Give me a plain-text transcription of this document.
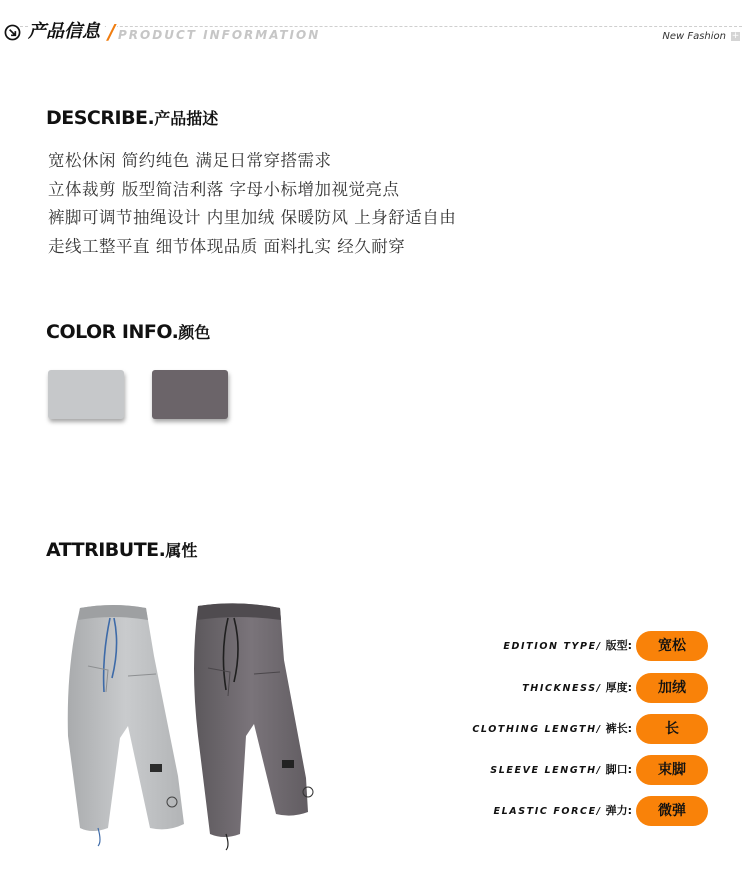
产品信息 / PRODUCT INFORMATION	New Fashion +
DESCRIBE.产品描述
宽松休闲 简约纯色 满足日常穿搭需求
立体裁剪 版型简洁利落 字母小标增加视觉亮点
裤脚可调节抽绳设计 内里加绒 保暖防风 上身舒适自由
走线工整平直 细节体现品质 面料扎实 经久耐穿
COLOR INFO.颜色
ATTRIBUTE.属性
EDITION TYPE/ 版型:	宽松
THICKNESS/ 厚度:	加绒
CLOTHING LENGTH/ 裤长:	长
SLEEVE LENGTH/ 脚口:	束脚
ELASTIC FORCE/ 弹力:	微弹
